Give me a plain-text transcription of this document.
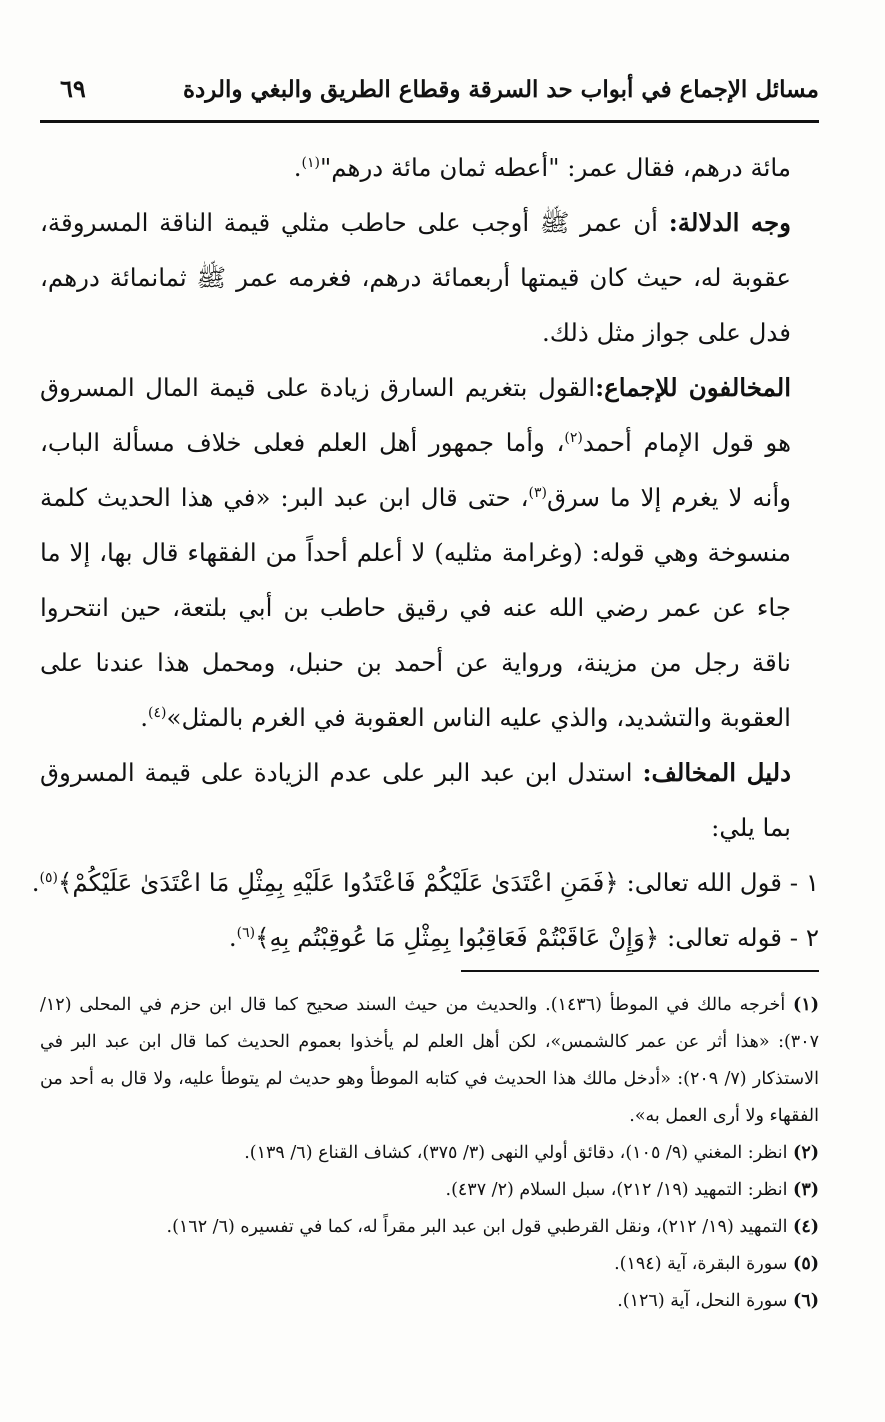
مسائل الإجماع في أبواب حد السرقة وقطاع الطريق والبغي والردة
٦٩

مائة درهم، فقال عمر: "أعطه ثمان مائة درهم"$^{(١)}$.

وجه الدلالة: أن عمر ﷺ أوجب على حاطب مثلي قيمة الناقة المسروقة، عقوبة له، حيث كان قيمتها أربعمائة درهم، فغرمه عمر ﷺ ثمانمائة درهم، فدل على جواز مثل ذلك.

المخالفون للإجماع:القول بتغريم السارق زيادة على قيمة المال المسروق هو قول الإمام أحمد$^{(٢)}$، وأما جمهور أهل العلم فعلى خلاف مسألة الباب، وأنه لا يغرم إلا ما سرق$^{(٣)}$، حتى قال ابن عبد البر: «في هذا الحديث كلمة منسوخة وهي قوله: (وغرامة مثليه) لا أعلم أحداً من الفقهاء قال بها، إلا ما جاء عن عمر رضي الله عنه في رقيق حاطب بن أبي بلتعة، حين انتحروا ناقة رجل من مزينة، ورواية عن أحمد بن حنبل، ومحمل هذا عندنا على العقوبة والتشديد، والذي عليه الناس العقوبة في الغرم بالمثل»$^{(٤)}$.

دليل المخالف: استدل ابن عبد البر على عدم الزيادة على قيمة المسروق بما يلي:

١ - قول الله تعالى: ﴿فَمَنِ اعْتَدَىٰ عَلَيْكُمْ فَاعْتَدُوا عَلَيْهِ بِمِثْلِ مَا اعْتَدَىٰ عَلَيْكُمْ﴾$^{(٥)}$.

٢ - قوله تعالى: ﴿وَإِنْ عَاقَبْتُمْ فَعَاقِبُوا بِمِثْلِ مَا عُوقِبْتُم بِهِ﴾$^{(٦)}$.

(١) أخرجه مالك في الموطأ (١٤٣٦). والحديث من حيث السند صحيح كما قال ابن حزم في المحلى (١٢/ ٣٠٧): «هذا أثر عن عمر كالشمس»، لكن أهل العلم لم يأخذوا بعموم الحديث كما قال ابن عبد البر في الاستذكار (٧/ ٢٠٩): «أدخل مالك هذا الحديث في كتابه الموطأ وهو حديث لم يتوطأ عليه، ولا قال به أحد من الفقهاء ولا أرى العمل به».

(٢) انظر: المغني (٩/ ١٠٥)، دقائق أولي النهى (٣/ ٣٧٥)، كشاف القناع (٦/ ١٣٩).

(٣) انظر: التمهيد (١٩/ ٢١٢)، سبل السلام (٢/ ٤٣٧).

(٤) التمهيد (١٩/ ٢١٢)، ونقل القرطبي قول ابن عبد البر مقراً له، كما في تفسيره (٦/ ١٦٢).

(٥) سورة البقرة، آية (١٩٤).

(٦) سورة النحل، آية (١٢٦).
